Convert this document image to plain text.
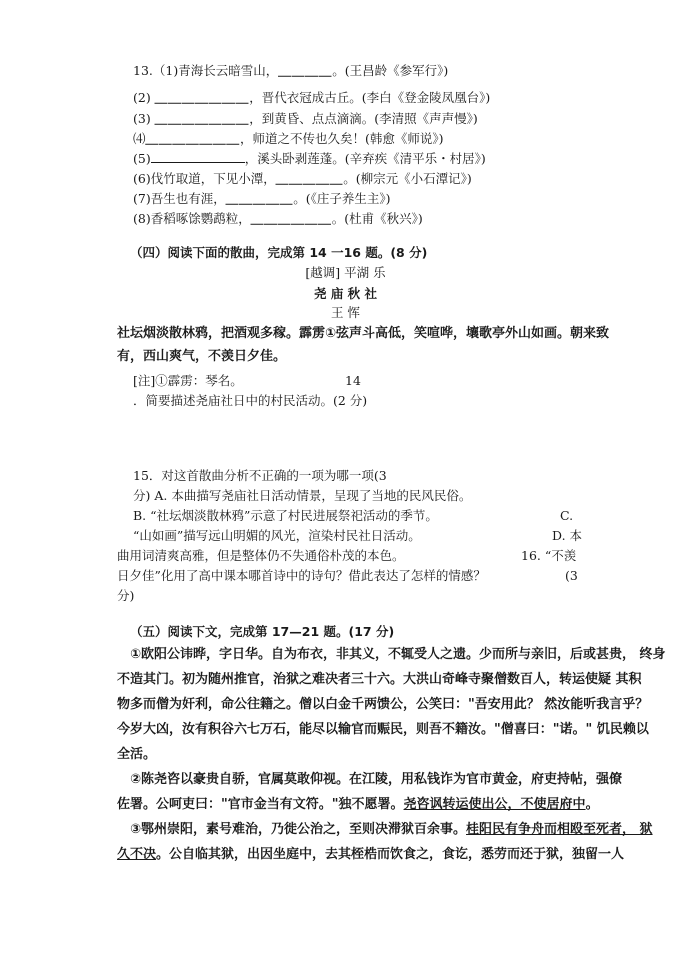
13.（1)青海长云暗雪山，＿＿＿＿。(王昌龄《参军行》)
(2) ＿＿＿＿＿＿＿，晋代衣冠成古丘。(李白《登金陵凤凰台》)
(3) ＿＿＿＿＿＿＿，到黄昏、点点滴滴。(李清照《声声慢》)
⑷＿＿＿＿＿＿＿，师道之不传也久矣！(韩愈《师说》)
(5)	，溪头卧剥莲蓬。(辛弃疾《清平乐・村居》)
(6)伐竹取道，下见小潭，＿＿＿＿＿。(柳宗元《小石潭记》)
(7)吾生也有涯，＿＿＿＿＿。(《庄子养生主》)
(8)香稻啄馀鹦鹉粒，＿＿＿＿＿＿。(杜甫《秋兴》)
（四）阅读下面的散曲，完成第 14 一16 题。(8 分)
[越调] 平湖 乐
尧 庙 秋 社
王 恽
社坛烟淡散林鸦，把酒观多稼。霹雳①弦声斗高低，笑喧哗，壤歌亭外山如画。朝来致
有，西山爽气，不羡日夕佳。
[注]①霹雳：琴名。	14
．简要描述尧庙社日中的村民活动。(2 分)
15．对这首散曲分析不正确的一项为哪一项(3
分) A. 本曲描写尧庙社日活动情景，呈现了当地的民风民俗。
B. “社坛烟淡散林鸦”示意了村民进展祭祀活动的季节。	C.
“山如画”描写远山明媚的风光，渲染村民社日活动。	D. 本
曲用词清爽高雅，但是整体仍不失通俗朴茂的本色。	16. “不羡
日夕佳”化用了高中课本哪首诗中的诗句？借此表达了怎样的情感？	(3
分)
（五）阅读下文，完成第 17—21 题。(17 分)
①欧阳公讳晔，字日华。自为布衣，非其义，不辄受人之遗。少而所与亲旧，后或甚贵， 终身
不造其门。初为随州推官，治狱之难决者三十六。大洪山奇峰寺聚僧数百人，转运使疑 其积
物多而僧为奸利，命公往籍之。僧以白金千两馈公，公笑曰："吾安用此？ 然汝能听我言乎？
今岁大凶，汝有积谷六七万石，能尽以输官而赈民，则吾不籍汝。"僧喜曰："诺。" 饥民赖以
全活。
②陈尧咨以豪贵自骄，官属莫敢仰视。在江陵，用私钱诈为官市黄金，府吏持帖，强僚
佐署。公呵吏曰："官市金当有文符。"独不愿署。尧咨讽转运使出公，不使居府中。
③鄂州崇阳，素号难治，乃徙公治之，至则决滞狱百余事。桂阳民有争舟而相殴至死者， 狱
久不决。公自临其狱，出因坐庭中，去其桎梏而饮食之，食讫，悉劳而还于狱，独留一人
